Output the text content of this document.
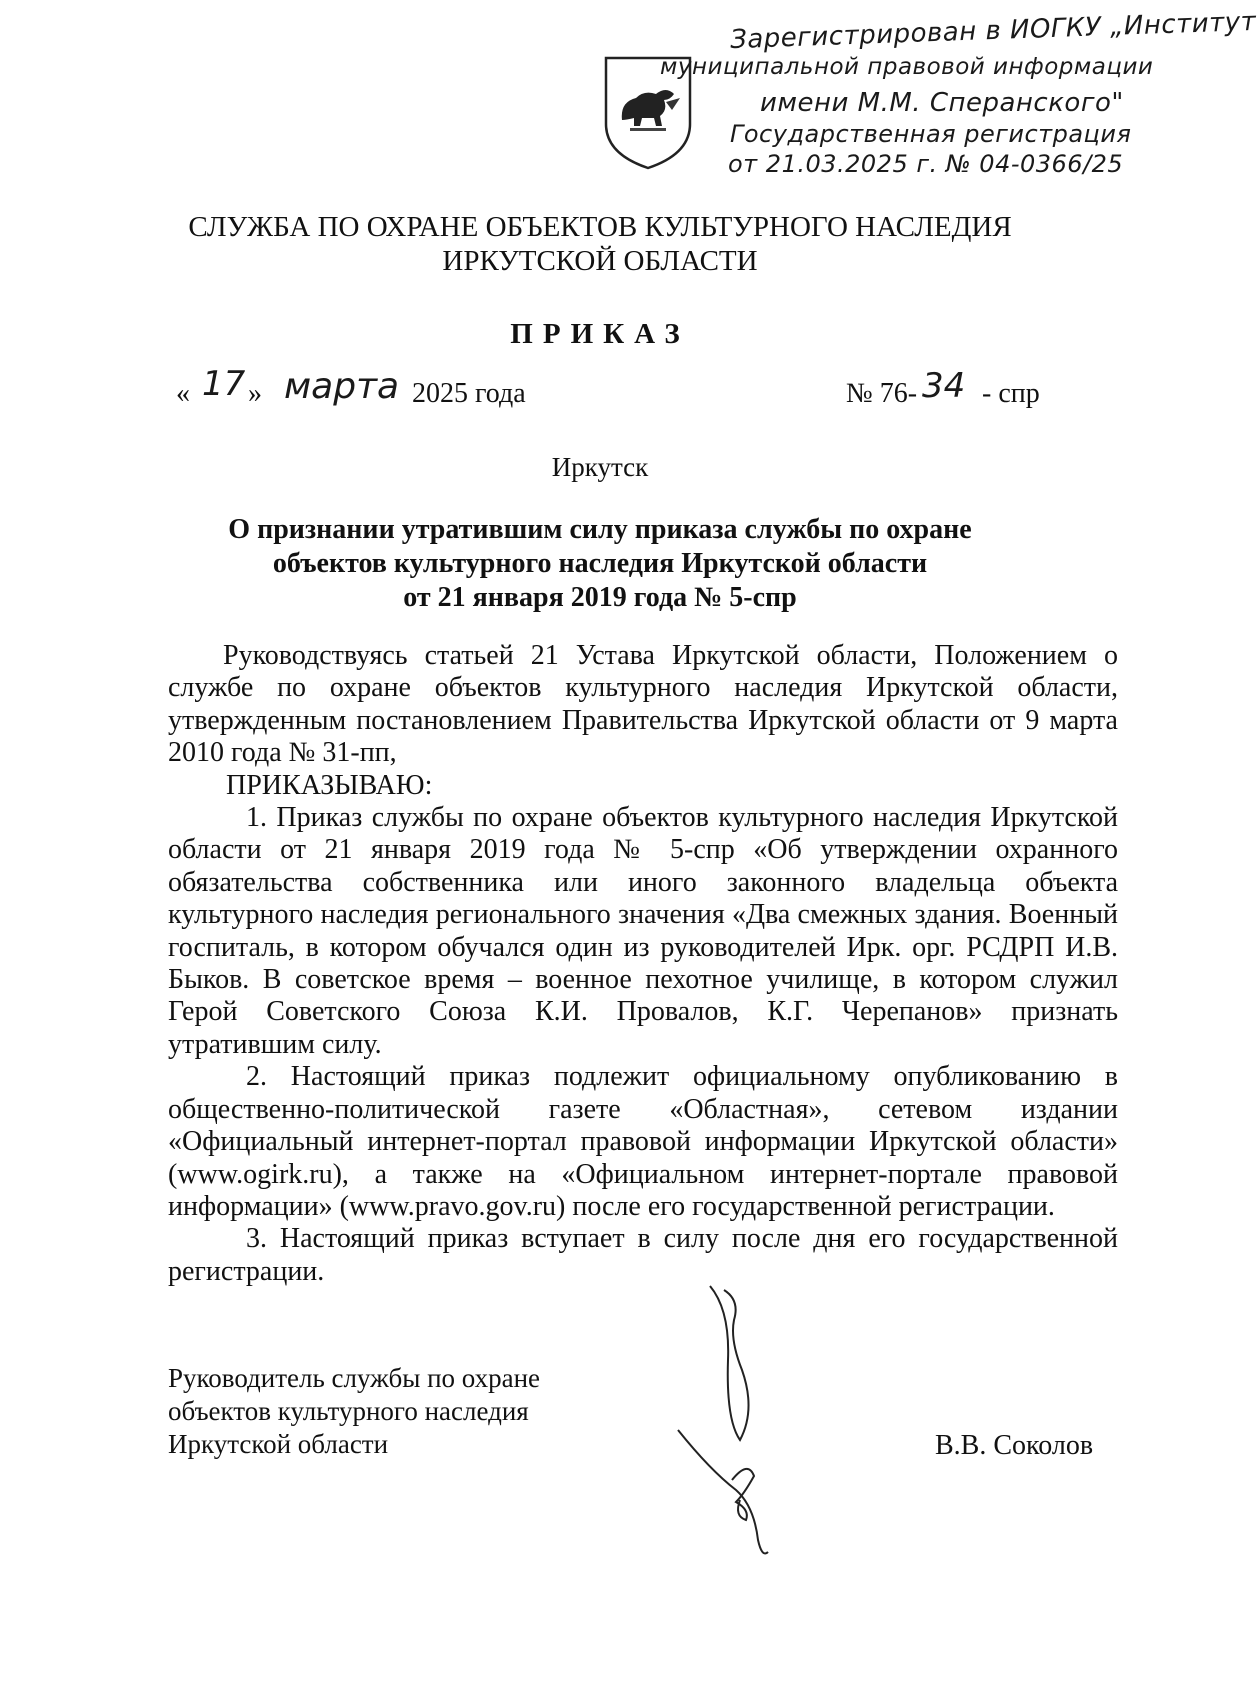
Зарегистрирован в ИОГКУ „Институт
муниципальной правовой информации
имени М.М. Сперанского"
Государственная регистрация
от 21.03.2025 г. № 04-0366/25
СЛУЖБА ПО ОХРАНЕ ОБЪЕКТОВ КУЛЬТУРНОГО НАСЛЕДИЯ
ИРКУТСКОЙ ОБЛАСТИ
ПРИКАЗ
« 17 » марта 2025 года	№ 76- 34 - спр
Иркутск
О признании утратившим силу приказа службы по охране
объектов культурного наследия Иркутской области
от 21 января 2019 года № 5-спр

Руководствуясь статьей 21 Устава Иркутской области, Положением о службе по охране объектов культурного наследия Иркутской области, утвержденным постановлением Правительства Иркутской области от 9 марта 2010 года № 31-пп,

ПРИКАЗЫВАЮ:

1. Приказ службы по охране объектов культурного наследия Иркутской области от 21 января 2019 года № 5-спр «Об утверждении охранного обязательства собственника или иного законного владельца объекта культурного наследия регионального значения «Два смежных здания. Военный госпиталь, в котором обучался один из руководителей Ирк. орг. РСДРП И.В. Быков. В советское время – военное пехотное училище, в котором служил Герой Советского Союза К.И. Провалов, К.Г. Черепанов» признать утратившим силу.

2. Настоящий приказ подлежит официальному опубликованию в общественно-политической газете «Областная», сетевом издании «Официальный интернет-портал правовой информации Иркутской области» (www.ogirk.ru), а также на «Официальном интернет-портале правовой информации» (www.pravo.gov.ru) после его государственной регистрации.

3. Настоящий приказ вступает в силу после дня его государственной регистрации.

Руководитель службы по охране
объектов культурного наследия
Иркутской области	В.В. Соколов
